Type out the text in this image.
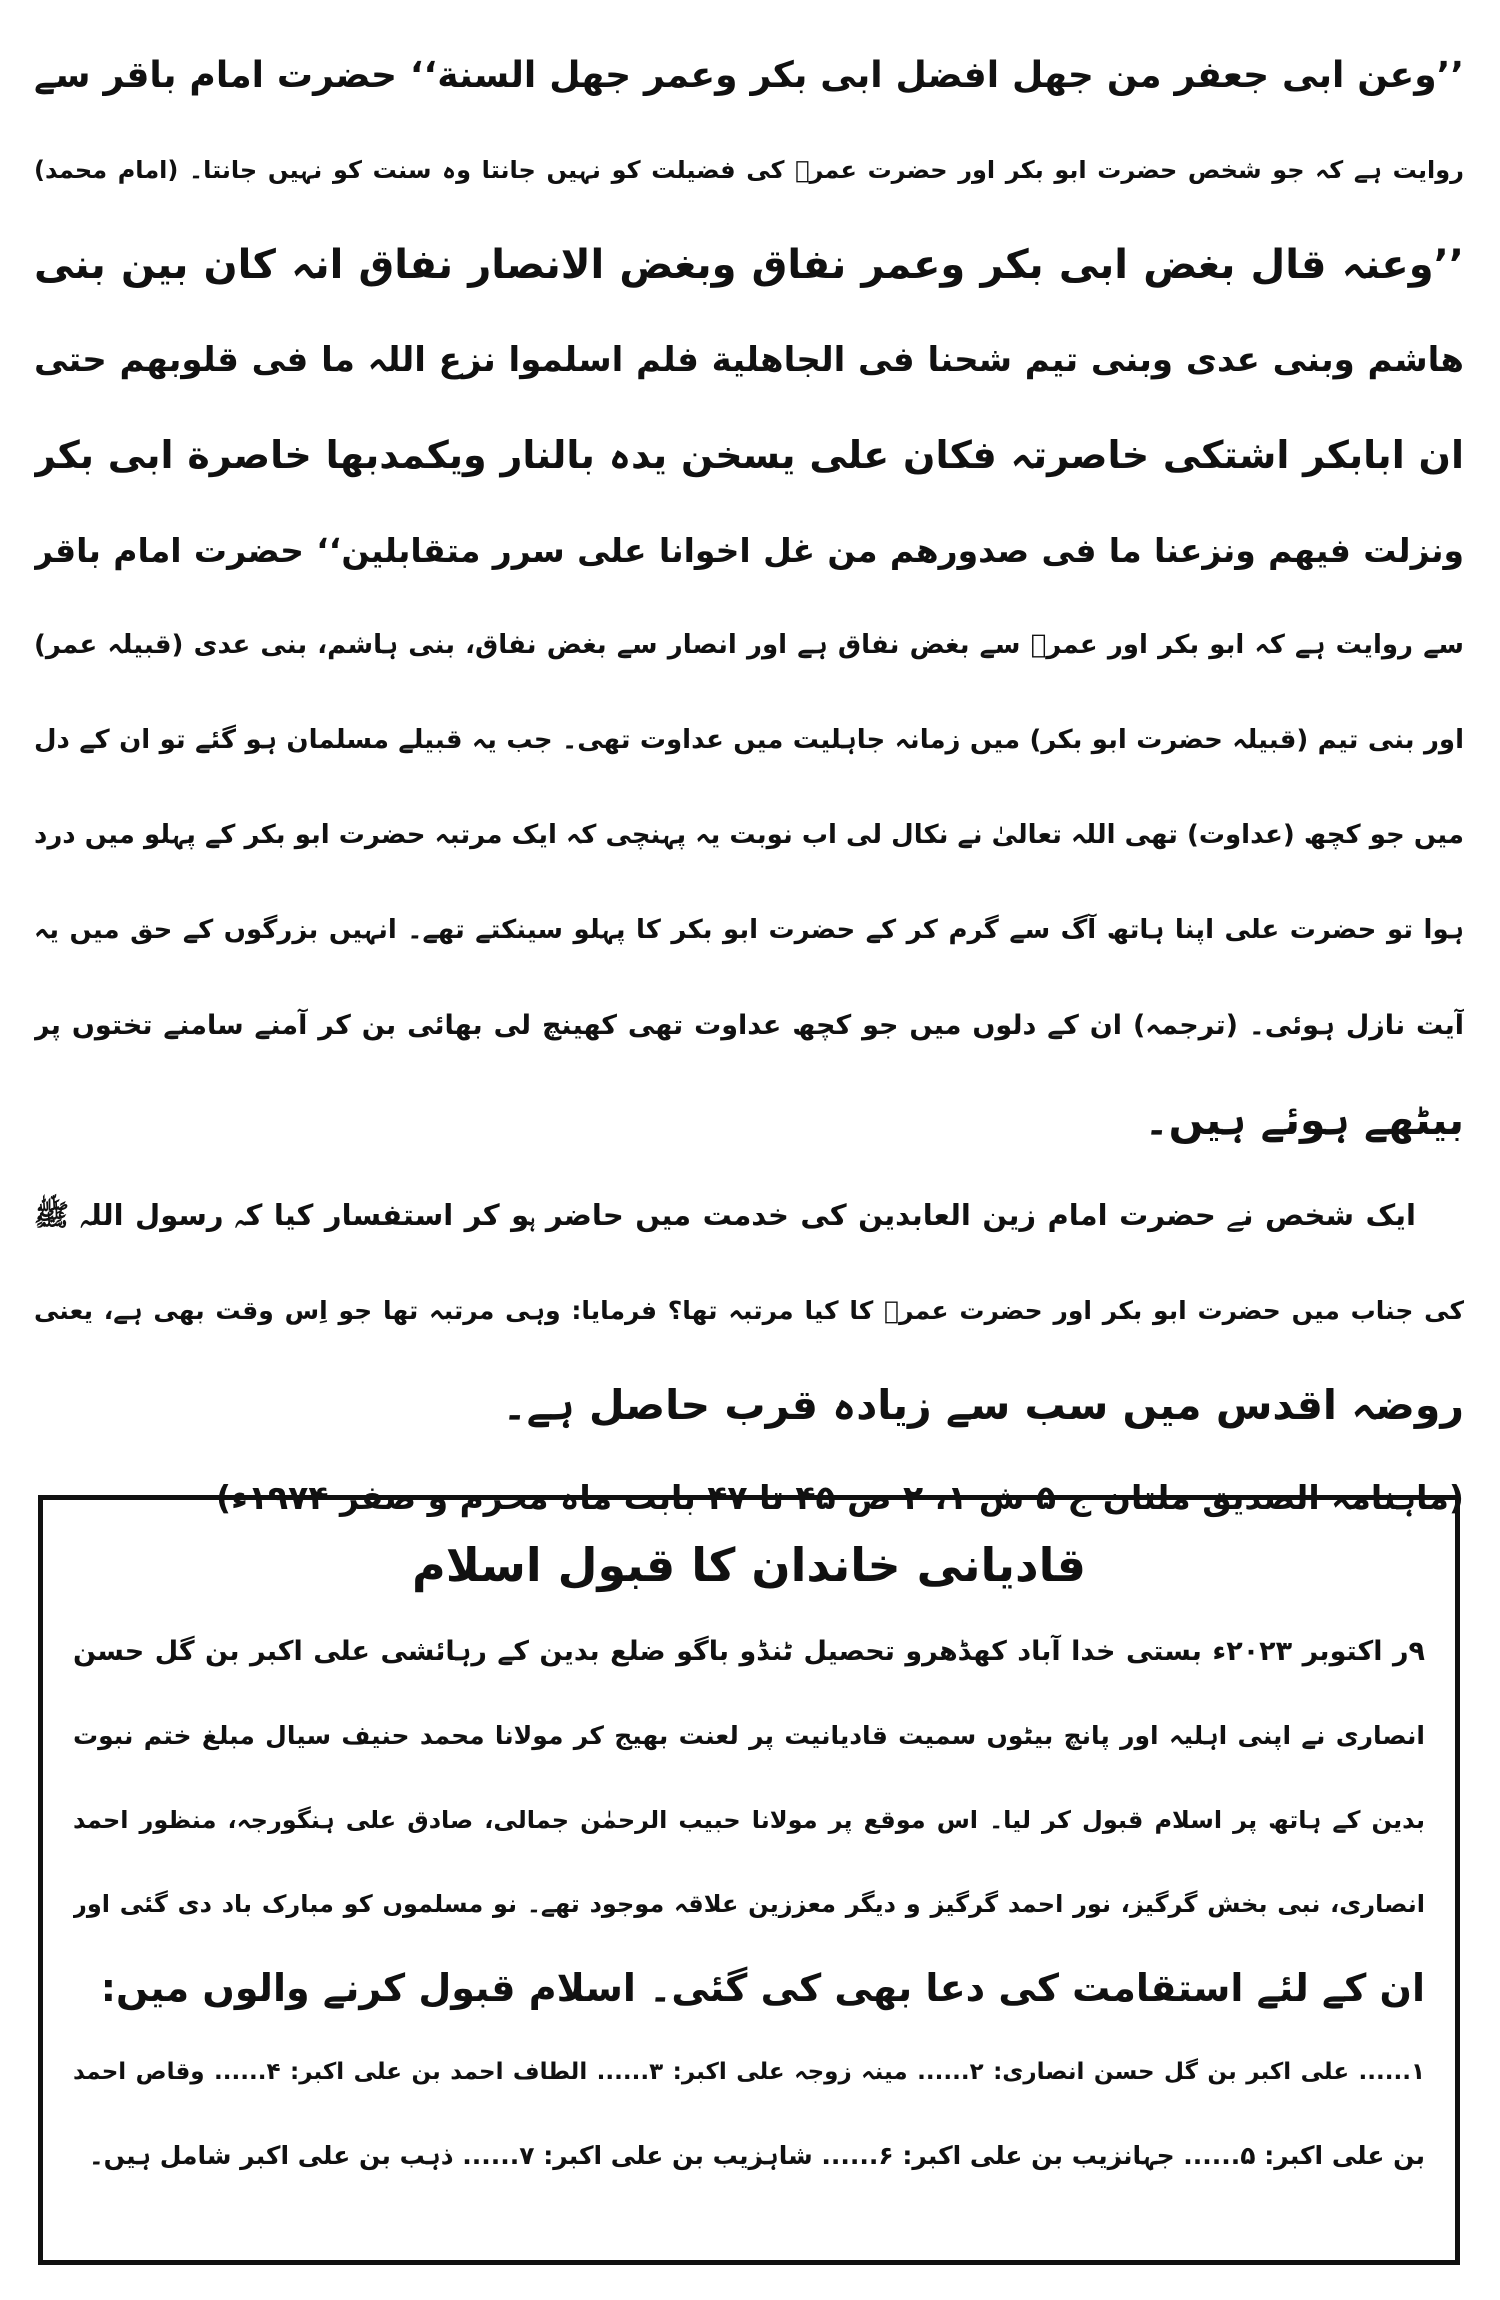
’’وعن ابی جعفر من جھل افضل ابی بکر وعمر جھل السنة‘‘ حضرت امام باقر سے
روایت ہے کہ جو شخص حضرت ابو بکر اور حضرت عمرؓ کی فضیلت کو نہیں جانتا وہ سنت کو نہیں جانتا۔ (امام محمد)
’’وعنہ قال بغض ابی بکر وعمر نفاق وبغض الانصار نفاق انہ کان بین بنی
ھاشم وبنی عدی وبنی تیم شحنا فی الجاھلیة فلم اسلموا نزع اللہ ما فی قلوبھم حتی
ان ابابکر اشتکی خاصرتہ فکان علی یسخن یدہ بالنار ویکمدبھا خاصرة ابی بکر
ونزلت فیھم ونزعنا ما فی صدورھم من غل اخوانا علی سرر متقابلین‘‘ حضرت امام باقر
سے روایت ہے کہ ابو بکر اور عمرؓ سے بغض نفاق ہے اور انصار سے بغض نفاق، بنی ہاشم، بنی عدی (قبیلہ عمر)
اور بنی تیم (قبیلہ حضرت ابو بکر) میں زمانہ جاہلیت میں عداوت تھی۔ جب یہ قبیلے مسلمان ہو گئے تو ان کے دل
میں جو کچھ (عداوت) تھی اللہ تعالیٰ نے نکال لی اب نوبت یہ پہنچی کہ ایک مرتبہ حضرت ابو بکر کے پہلو میں درد
ہوا تو حضرت علی اپنا ہاتھ آگ سے گرم کر کے حضرت ابو بکر کا پہلو سینکتے تھے۔ انہیں بزرگوں کے حق میں یہ
آیت نازل ہوئی۔ (ترجمہ) ان کے دلوں میں جو کچھ عداوت تھی کھینچ لی بھائی بن کر آمنے سامنے تختوں پر
بیٹھے ہوئے ہیں۔
ایک شخص نے حضرت امام زین العابدین کی خدمت میں حاضر ہو کر استفسار کیا کہ رسول اللہ ﷺ
کی جناب میں حضرت ابو بکر اور حضرت عمرؓ کا کیا مرتبہ تھا؟ فرمایا: وہی مرتبہ تھا جو اِس وقت بھی ہے، یعنی
روضہ اقدس میں سب سے زیادہ قرب حاصل ہے۔
(ماہنامہ الصدیق ملتان ج ۵ ش ۱، ۲ ص ۴۵ تا ۴۷ بابت ماہ محرم و صفر ۱۹۷۴ء)
قادیانی خاندان کا قبول اسلام
۹ر اکتوبر ۲۰۲۳ء بستی خدا آباد کھڈھرو تحصیل ٹنڈو باگو ضلع بدین کے رہائشی علی اکبر بن گل حسن
انصاری نے اپنی اہلیہ اور پانچ بیٹوں سمیت قادیانیت پر لعنت بھیج کر مولانا محمد حنیف سیال مبلغ ختم نبوت
بدین کے ہاتھ پر اسلام قبول کر لیا۔ اس موقع پر مولانا حبیب الرحمٰن جمالی، صادق علی ہنگورجہ، منظور احمد
انصاری، نبی بخش گرگیز، نور احمد گرگیز و دیگر معززین علاقہ موجود تھے۔ نو مسلموں کو مبارک باد دی گئی اور
ان کے لئے استقامت کی دعا بھی کی گئی۔ اسلام قبول کرنے والوں میں:
۱...... علی اکبر بن گل حسن انصاری: ۲...... مینہ زوجہ علی اکبر: ۳...... الطاف احمد بن علی اکبر: ۴...... وقاص احمد
بن علی اکبر: ۵...... جہانزیب بن علی اکبر: ۶...... شاہزیب بن علی اکبر: ۷...... ذہب بن علی اکبر شامل ہیں۔
